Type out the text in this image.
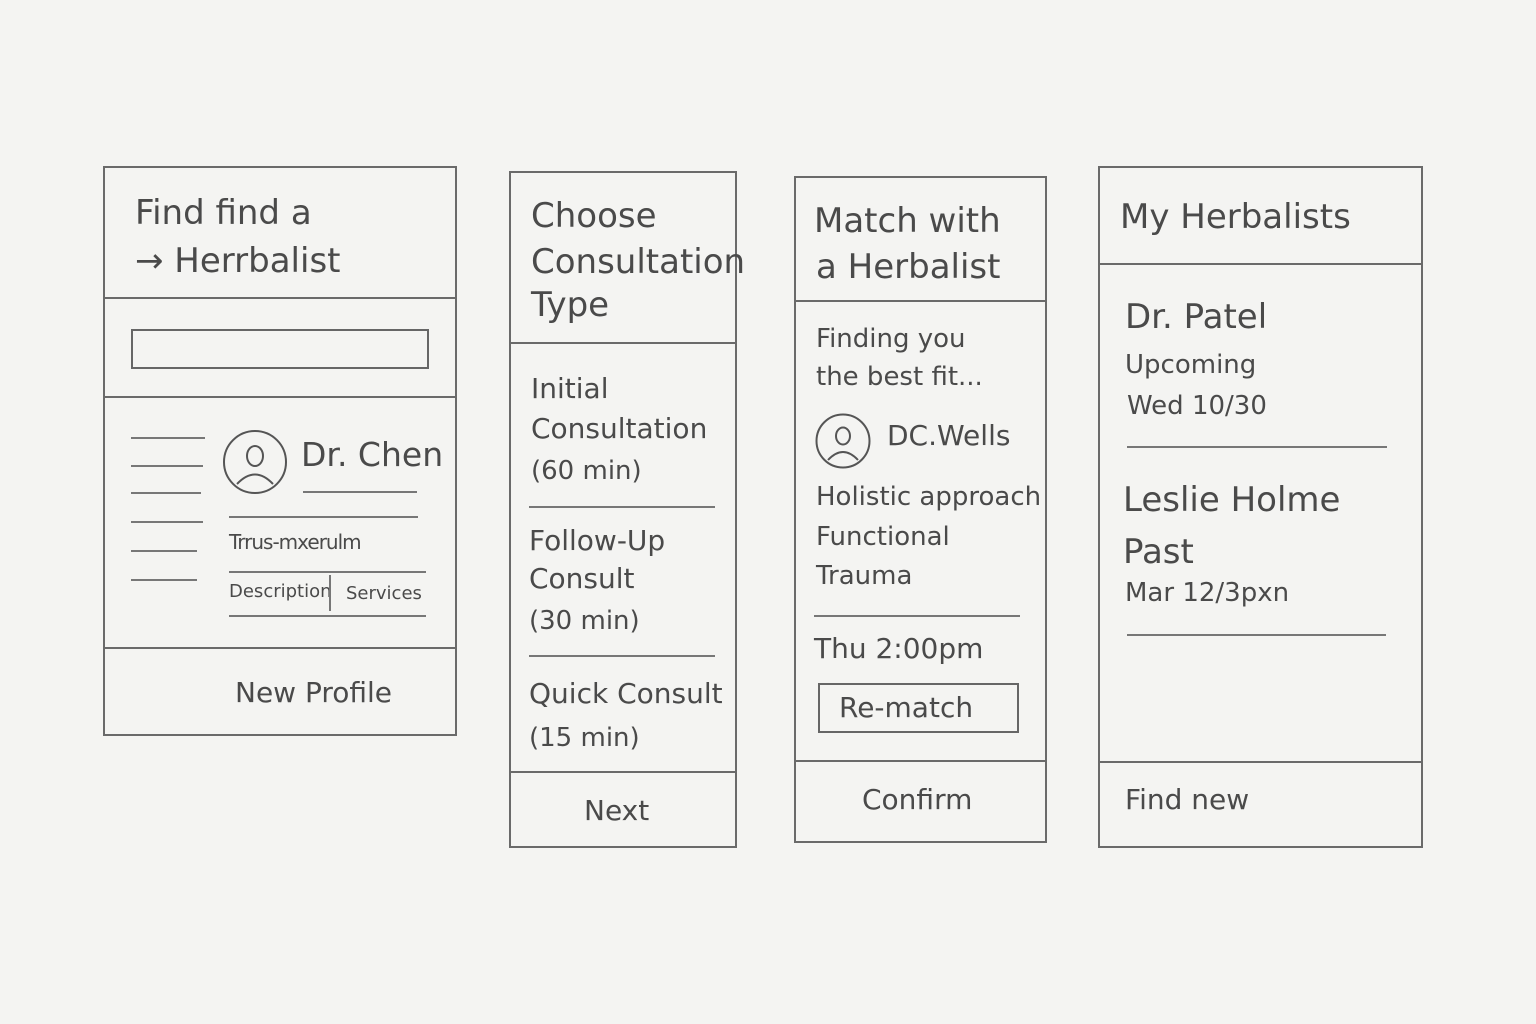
Find find a
→ Herrbalist
Dr. Chen
Trrus-mxerulm
Description Services
New Profile
Choose
Consultation
Type
Initial
Consultation
(60 min)
Follow-Up
Consult
(30 min)
Quick Consult
(15 min)
Next
Match with
a Herbalist
Finding you
the best fit...
DC.Wells
Holistic approach
Functional
Trauma
Thu 2:00pm
Re-match
Confirm
My Herbalists
Dr. Patel
Upcoming
Wed 10/30
Leslie Holme
Past
Mar 12/3pxn
Find new
